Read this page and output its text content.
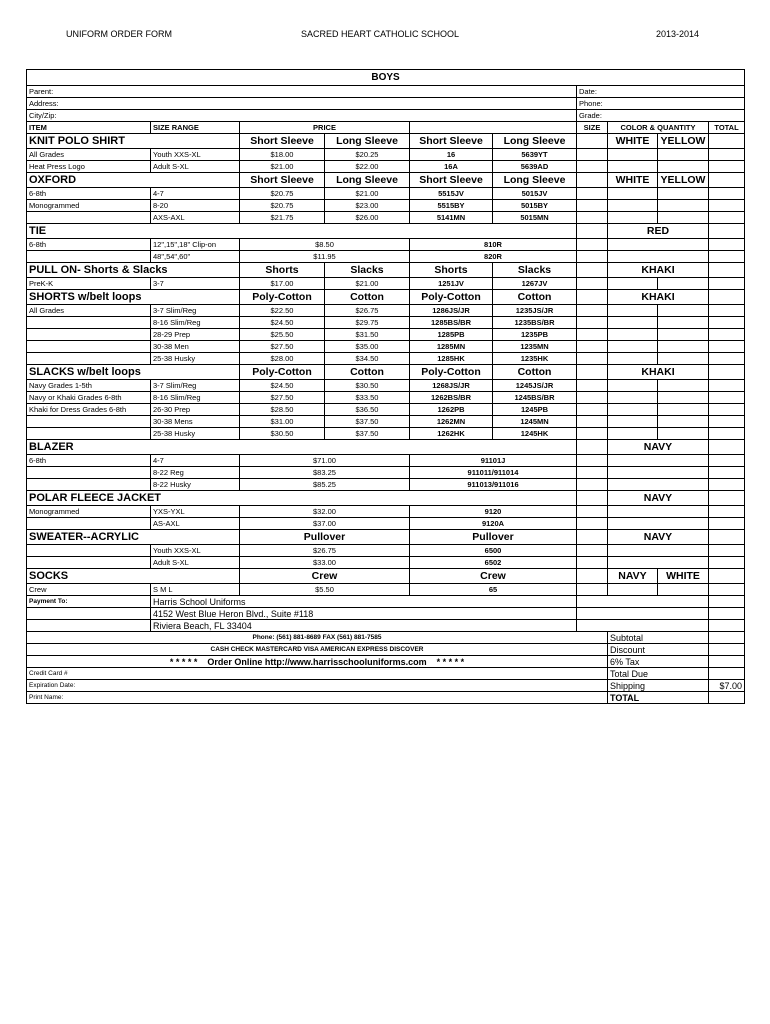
UNIFORM ORDER FORM	SACRED HEART CATHOLIC SCHOOL	2013-2014
BOYS									
Parent:						Date:			
Address:						Phone:			
City/Zip:						Grade:			
ITEM	SIZE RANGE	PRICE				SIZE	COLOR & QUANTITY		TOTAL
KNIT POLO SHIRT		Short Sleeve	Long Sleeve	Short Sleeve	Long Sleeve		WHITE	YELLOW	
All Grades	Youth XXS-XL	$18.00	$20.25	16	5639YT				
Heat Press Logo	Adult S-XL	$21.00	$22.00	16A	5639AD				
OXFORD		Short Sleeve	Long Sleeve	Short Sleeve	Long Sleeve		WHITE	YELLOW	
6-8th	4-7	$20.75	$21.00	5515JV	5015JV				
Monogrammed	8-20	$20.75	$23.00	5515BY	5015BY				
	AXS-AXL	$21.75	$26.00	5141MN	5015MN				
TIE							RED		
6-8th	12",15",18" Clip-on	$8.50		810R					
	48",54",60"	$11.95		820R					
PULL ON- Shorts & Slacks		Shorts	Slacks	Shorts	Slacks		KHAKI		
PreK-K	3-7	$17.00	$21.00	1251JV	1267JV				
SHORTS w/belt loops		Poly-Cotton	Cotton	Poly-Cotton	Cotton		KHAKI		
All Grades	3-7 Slim/Reg	$22.50	$26.75	1286JS/JR	1235JS/JR				
	8-16 Slim/Reg	$24.50	$29.75	1285BS/BR	1235BS/BR				
	28-29 Prep	$25.50	$31.50	1285PB	1235PB				
	30-38 Men	$27.50	$35.00	1285MN	1235MN				
	25-38 Husky	$28.00	$34.50	1285HK	1235HK				
SLACKS w/belt loops		Poly-Cotton	Cotton	Poly-Cotton	Cotton		KHAKI		
Navy Grades 1-5th	3-7 Slim/Reg	$24.50	$30.50	1268JS/JR	1245JS/JR				
Navy or Khaki Grades 6-8th	8-16 Slim/Reg	$27.50	$33.50	1262BS/BR	1245BS/BR				
Khaki for Dress Grades 6-8th	26-30 Prep	$28.50	$36.50	1262PB	1245PB				
	30-38 Mens	$31.00	$37.50	1262MN	1245MN				
	25-38 Husky	$30.50	$37.50	1262HK	1245HK				
BLAZER							NAVY		
6-8th	4-7	$71.00		91101J					
	8-22 Reg	$83.25		911011/911014					
	8-22 Husky	$85.25		911013/911016					
POLAR FLEECE JACKET							NAVY		
Monogrammed	YXS-YXL	$32.00		9120					
	AS-AXL	$37.00		9120A					
SWEATER--ACRYLIC		Pullover		Pullover			NAVY		
	Youth XXS-XL	$26.75		6500					
	Adult S-XL	$33.00		6502					
SOCKS		Crew		Crew			NAVY	WHITE	
Crew	S M L	$5.50		65					
Payment To:	Harris School Uniforms								
	4152 West Blue Heron Blvd., Suite #118								
	Riviera Beach, FL 33404								
Phone: (561) 881-8689 FAX (561) 881-7585							Subtotal		
CASH CHECK MASTERCARD VISA AMERICAN EXPRESS DISCOVER							Discount		
* * * * * Order Online http://www.harrisschooluniforms.com * * * * *							6% Tax		
Credit Card #							Total Due		
Expiration Date:							Shipping		$7.00
Print Name:							TOTAL		
